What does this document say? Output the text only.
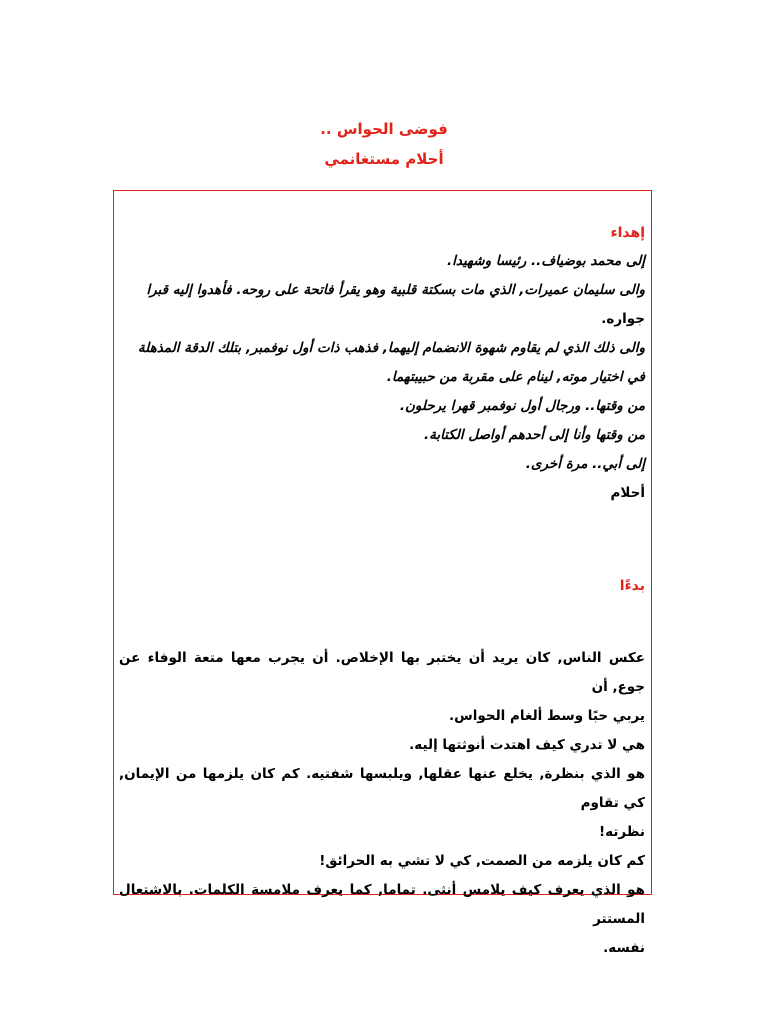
فوضى الحواس ..
أحلام مستغانمي
إهداء
إلى محمد بوضياف.. رئيسا وشهيدا.
والى سليمان عميرات, الذي مات بسكتة قلبية وهو يقرأ فاتحة على روحه. فأهدوا إليه قبرا
جواره.
والى ذلك الذي لم يقاوم شهوة الانضمام إليهما, فذهب ذات أول نوفمبر, بتلك الدقة المذهلة
في اختيار موته, لينام على مقربة من حبيبتهما.
من وقتها.. ورجال أول نوفمبر قهرا يرحلون.
من وقتها وأنا إلى أحدهم أواصل الكتابة.
إلى أبي.. مرة أخرى.
أحلام
بدءًا
عكس الناس, كان يريد أن يختبر بها الإخلاص. أن يجرب معها متعة الوفاء عن جوع, أن
يربي حبًا وسط ألغام الحواس.
هي لا تدري كيف اهتدت أنوثتها إليه.
هو الذي بنظرة, يخلع عنها عقلها, ويلبسها شفتيه. كم كان يلزمها من الإيمان, كي تقاوم
نظرته!
كم كان يلزمه من الصمت, كي لا تشي به الحرائق!
هو الذي يعرف كيف يلامس أنثى. تماما, كما يعرف ملامسة الكلمات. بالاشتعال المستتر
نفسه.
